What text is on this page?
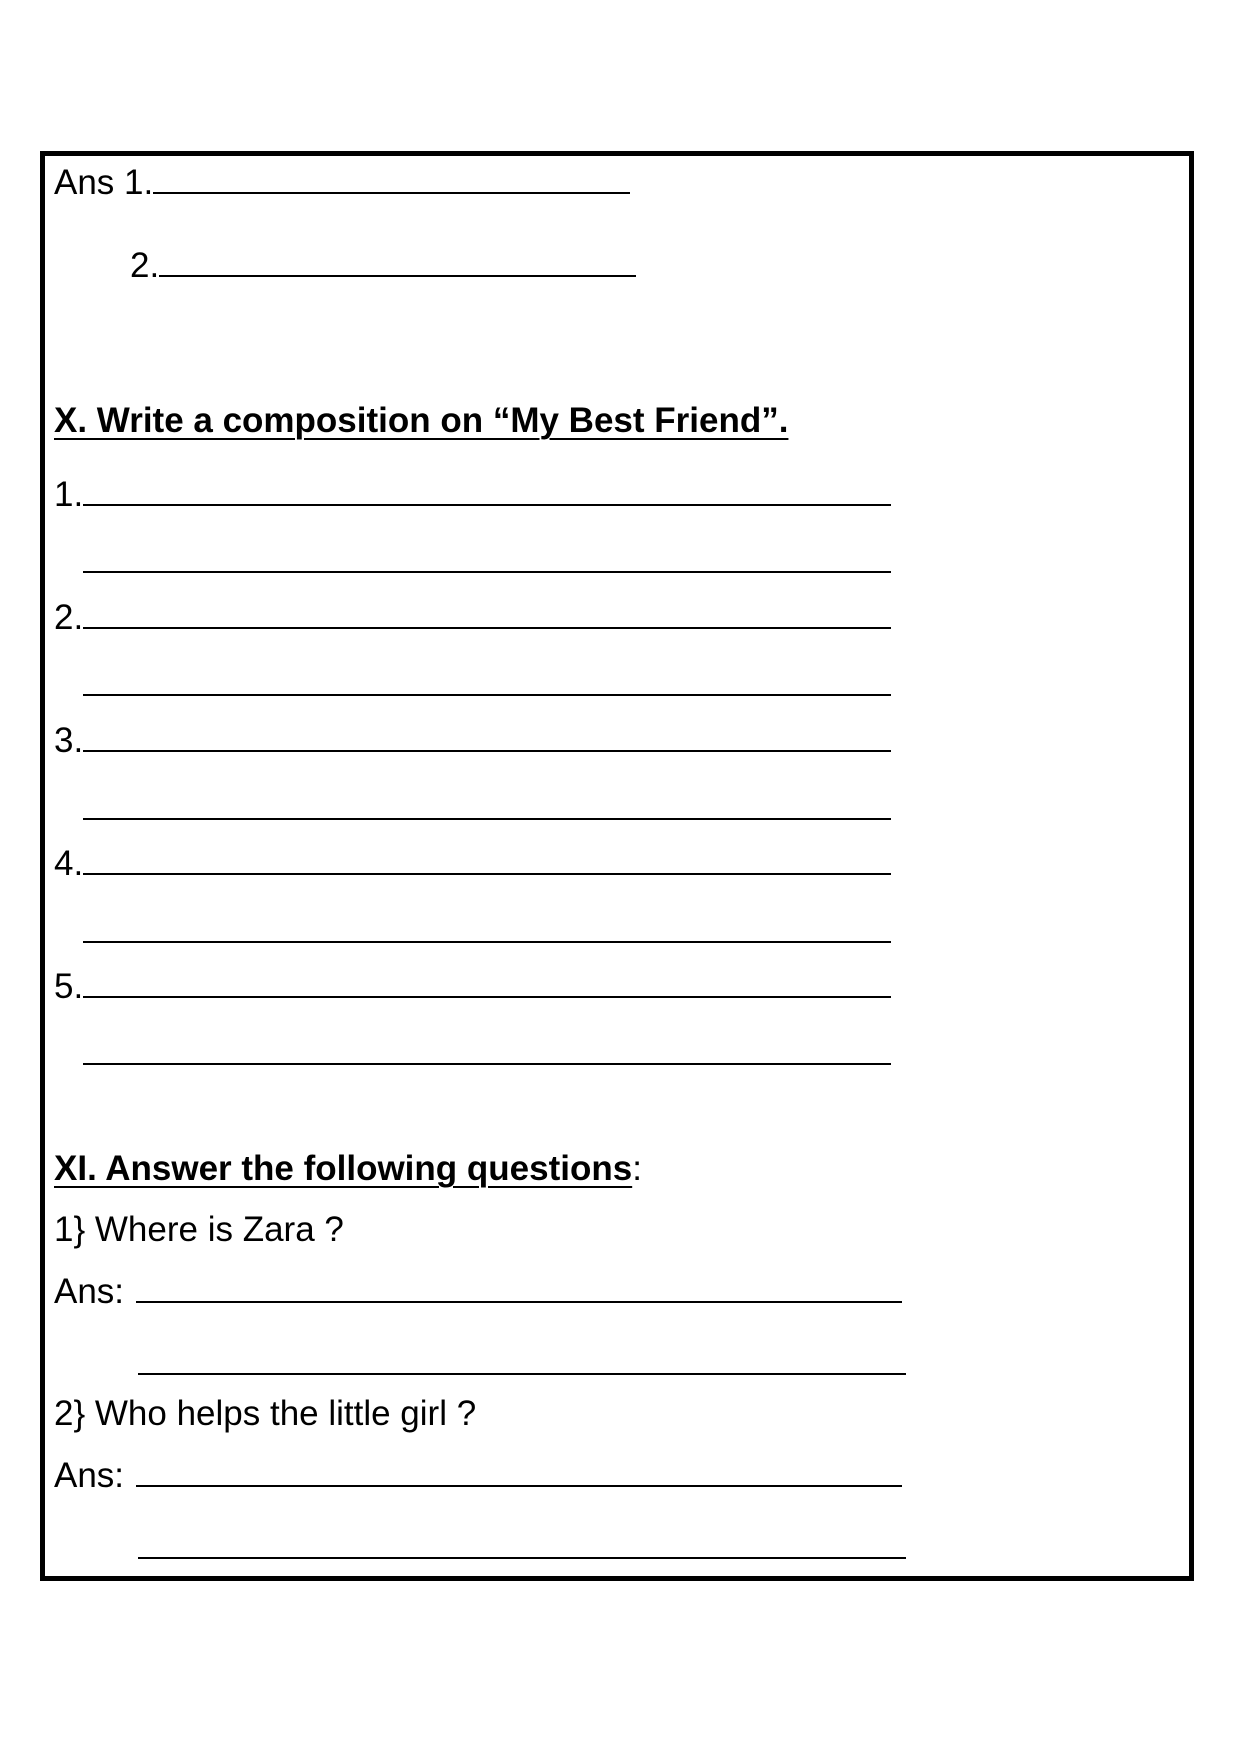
Ans 1.
2.
X. Write a composition on “My Best Friend”.
1.
2.
3.
4.
5.
XI. Answer the following questions:
1} Where is Zara ?
Ans:
2} Who helps the little girl ?
Ans:
